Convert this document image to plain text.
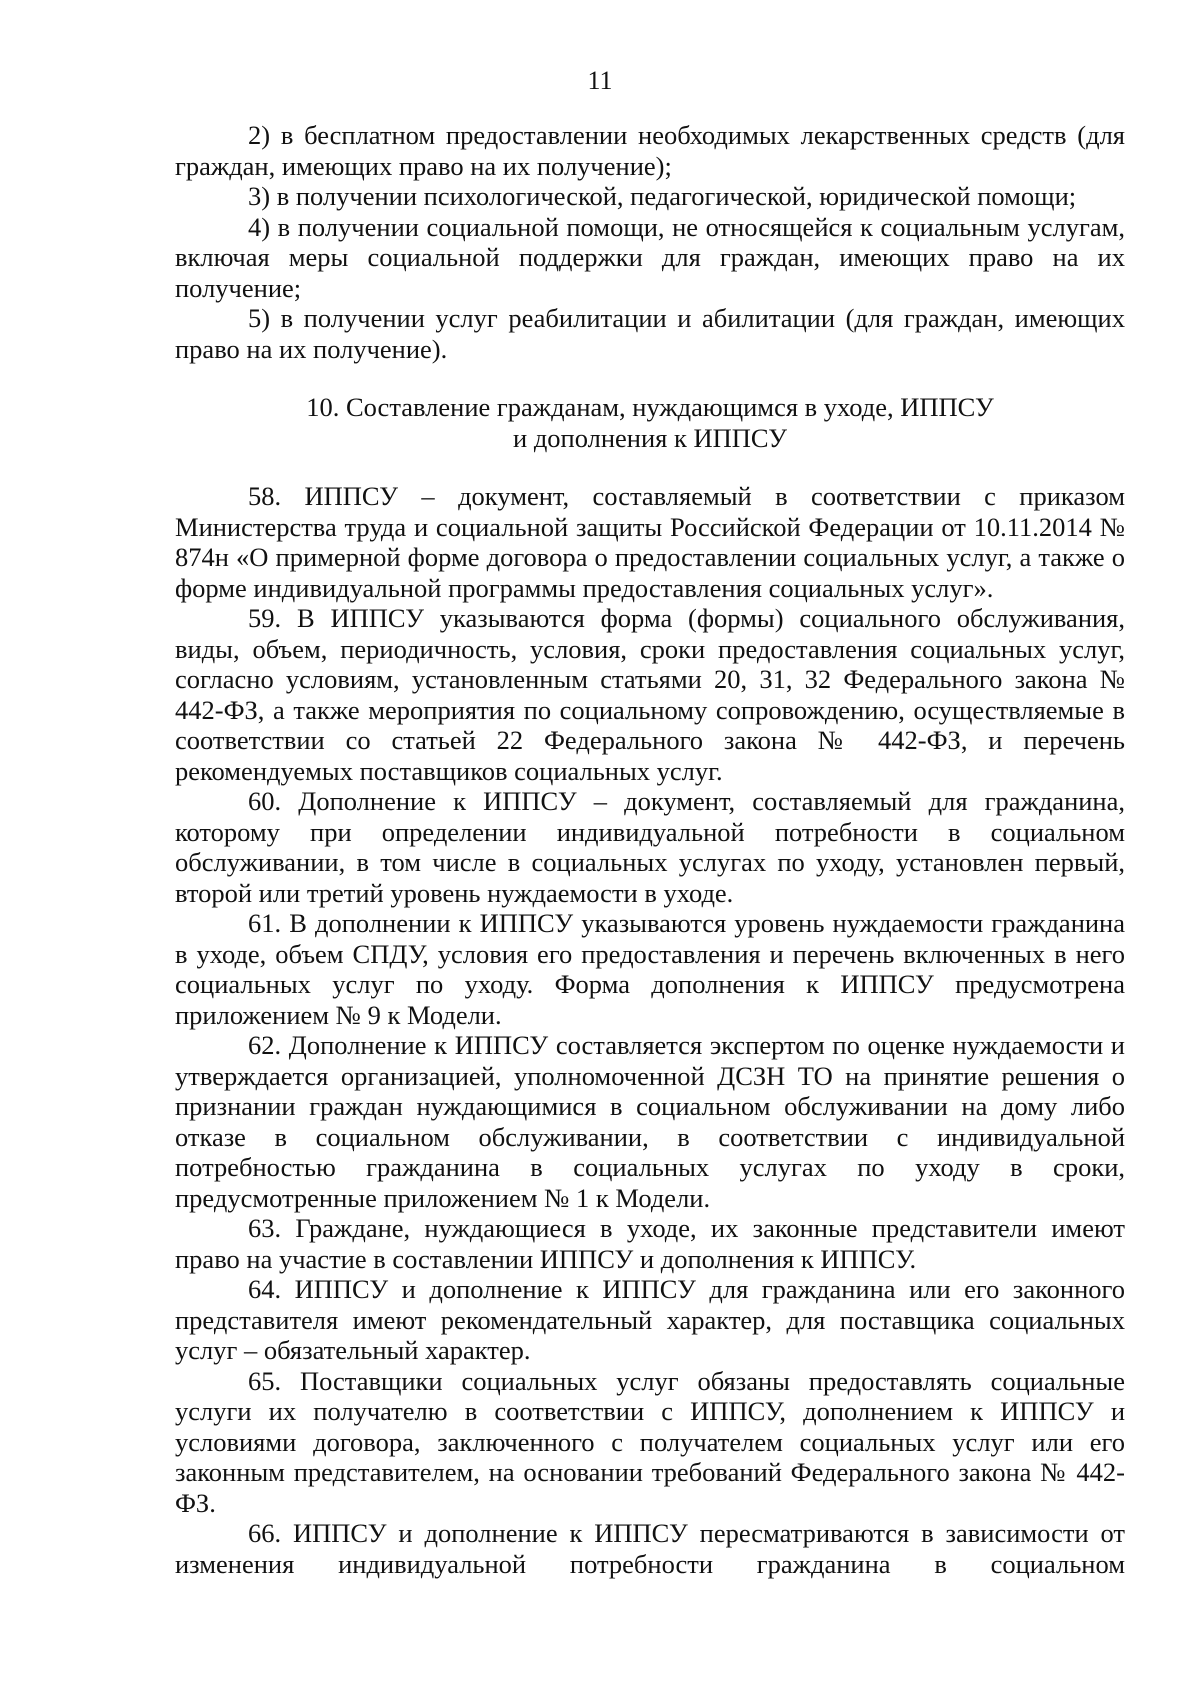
11

2) в бесплатном предоставлении необходимых лекарственных средств (для граждан, имеющих право на их получение);

3) в получении психологической, педагогической, юридической помощи;

4) в получении социальной помощи, не относящейся к социальным услугам, включая меры социальной поддержки для граждан, имеющих право на их получение;

5) в получении услуг реабилитации и абилитации (для граждан, имеющих право на их получение).

10. Составление гражданам, нуждающимся в уходе, ИППСУ
и дополнения к ИППСУ

58. ИППСУ – документ, составляемый в соответствии с приказом Министерства труда и социальной защиты Российской Федерации от 10.11.2014 № 874н «О примерной форме договора о предоставлении социальных услуг, а также о форме индивидуальной программы предоставления социальных услуг».

59. В ИППСУ указываются форма (формы) социального обслуживания, виды, объем, периодичность, условия, сроки предоставления социальных услуг, согласно условиям, установленным статьями 20, 31, 32 Федерального закона № 442-ФЗ, а также мероприятия по социальному сопровождению, осуществляемые в соответствии со статьей 22 Федерального закона № 442-ФЗ, и перечень рекомендуемых поставщиков социальных услуг.

60. Дополнение к ИППСУ – документ, составляемый для гражданина, которому при определении индивидуальной потребности в социальном обслуживании, в том числе в социальных услугах по уходу, установлен первый, второй или третий уровень нуждаемости в уходе.

61. В дополнении к ИППСУ указываются уровень нуждаемости гражданина в уходе, объем СПДУ, условия его предоставления и перечень включенных в него социальных услуг по уходу. Форма дополнения к ИППСУ предусмотрена приложением № 9 к Модели.

62. Дополнение к ИППСУ составляется экспертом по оценке нуждаемости и утверждается организацией, уполномоченной ДСЗН ТО на принятие решения о признании граждан нуждающимися в социальном обслуживании на дому либо отказе в социальном обслуживании, в соответствии с индивидуальной потребностью гражданина в социальных услугах по уходу в сроки, предусмотренные приложением № 1 к Модели.

63. Граждане, нуждающиеся в уходе, их законные представители имеют право на участие в составлении ИППСУ и дополнения к ИППСУ.

64. ИППСУ и дополнение к ИППСУ для гражданина или его законного представителя имеют рекомендательный характер, для поставщика социальных услуг – обязательный характер.

65. Поставщики социальных услуг обязаны предоставлять социальные услуги их получателю в соответствии с ИППСУ, дополнением к ИППСУ и условиями договора, заключенного с получателем социальных услуг или его законным представителем, на основании требований Федерального закона № 442-ФЗ.

66. ИППСУ и дополнение к ИППСУ пересматриваются в зависимости от изменения индивидуальной потребности гражданина в социальном
